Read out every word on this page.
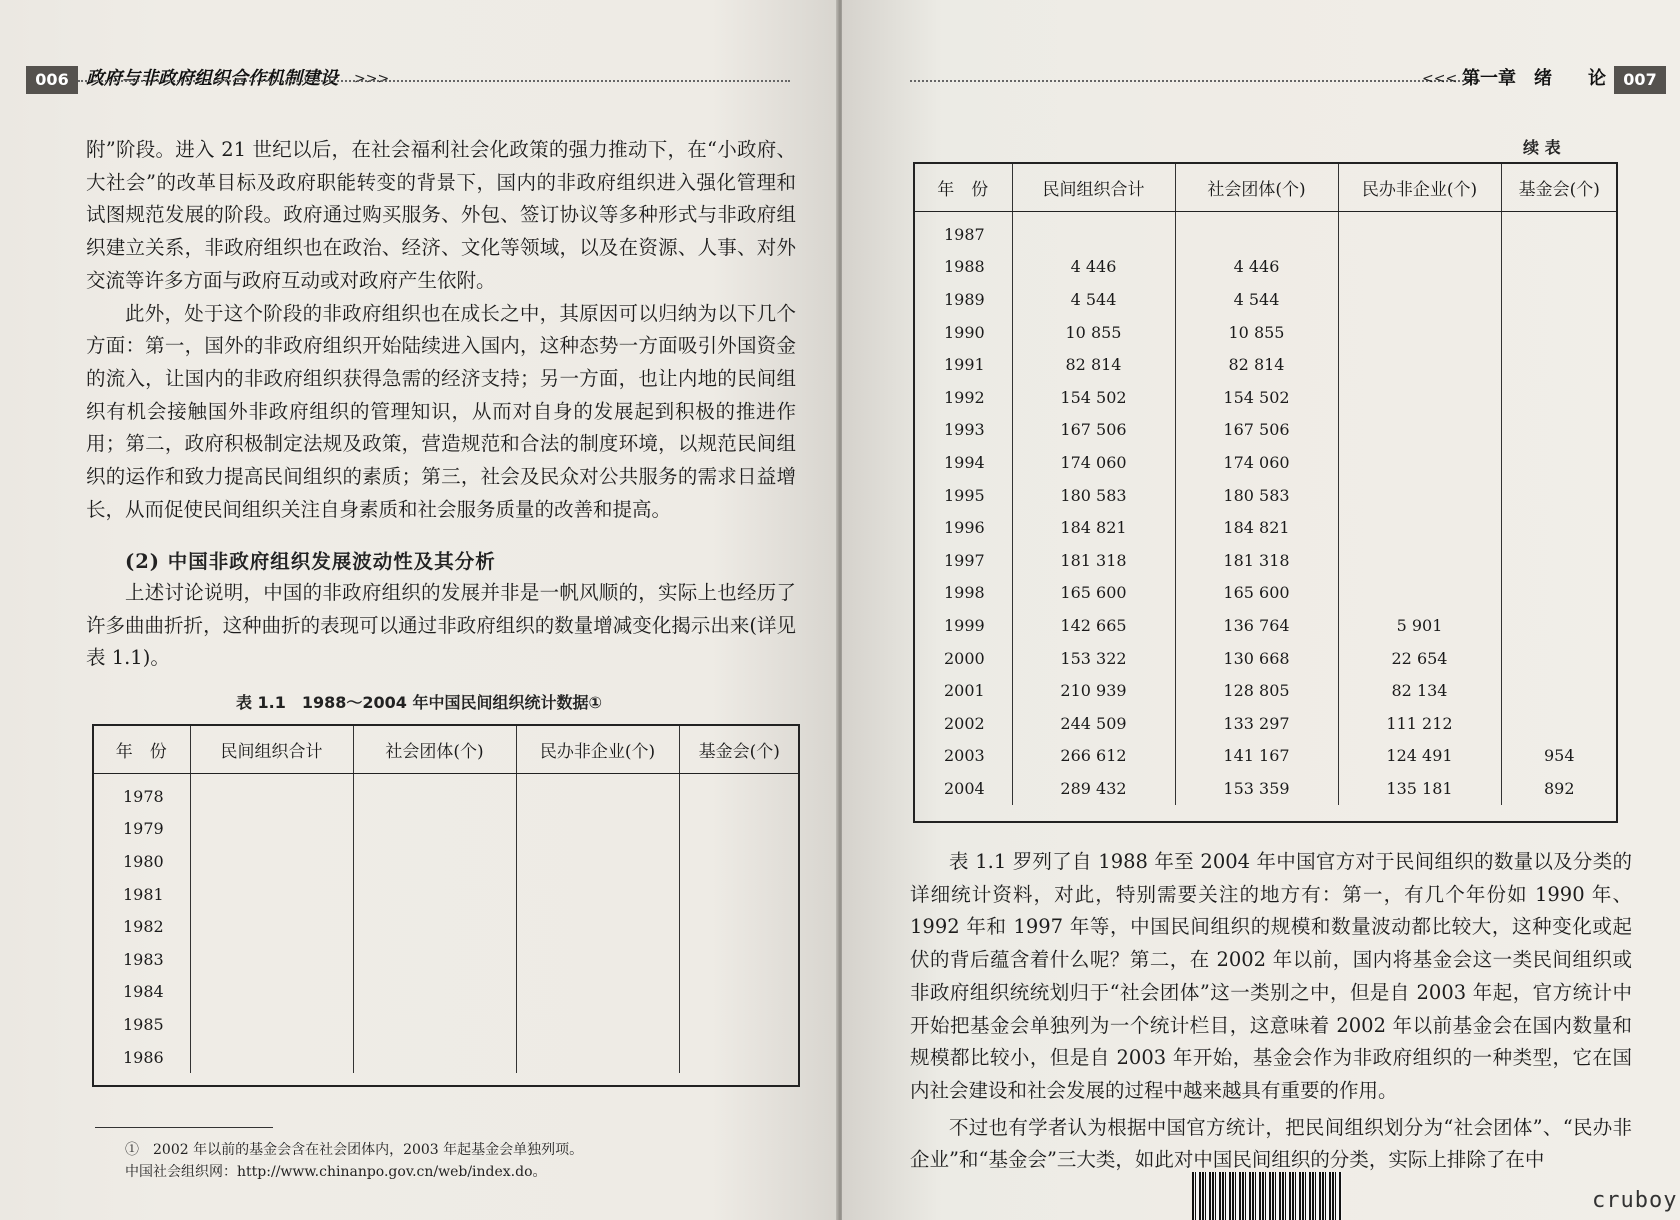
006 政府与非政府组织合作机制建设 >>>

附”阶段。进入 21 世纪以后，在社会福利社会化政策的强力推动下，在“小政府、大社会”的改革目标及政府职能转变的背景下，国内的非政府组织进入强化管理和试图规范发展的阶段。政府通过购买服务、外包、签订协议等多种形式与非政府组织建立关系，非政府组织也在政治、经济、文化等领域，以及在资源、人事、对外交流等许多方面与政府互动或对政府产生依附。

此外，处于这个阶段的非政府组织也在成长之中，其原因可以归纳为以下几个方面：第一，国外的非政府组织开始陆续进入国内，这种态势一方面吸引外国资金的流入，让国内的非政府组织获得急需的经济支持；另一方面，也让内地的民间组织有机会接触国外非政府组织的管理知识，从而对自身的发展起到积极的推进作用；第二，政府积极制定法规及政策，营造规范和合法的制度环境，以规范民间组织的运作和致力提高民间组织的素质；第三，社会及民众对公共服务的需求日益增长，从而促使民间组织关注自身素质和社会服务质量的改善和提高。

(2) 中国非政府组织发展波动性及其分析

上述讨论说明，中国的非政府组织的发展并非是一帆风顺的，实际上也经历了许多曲曲折折，这种曲折的表现可以通过非政府组织的数量增减变化揭示出来(详见表 1.1)。

表 1.1　1988～2004 年中国民间组织统计数据①
年　份	民间组织合计	社会团体(个)	民办非企业(个)	基金会(个)
1978				
1979				
1980				
1981				
1982				
1983				
1984				
1985				
1986				
①　2002 年以前的基金会含在社会团体内，2003 年起基金会单独列项。
中国社会组织网：http://www.chinanpo.gov.cn/web/index.do。
<<< 第一章　绪　　论	007
续 表
年　份	民间组织合计	社会团体(个)	民办非企业(个)	基金会(个)
1987				
1988	4 446	4 446		
1989	4 544	4 544		
1990	10 855	10 855		
1991	82 814	82 814		
1992	154 502	154 502		
1993	167 506	167 506		
1994	174 060	174 060		
1995	180 583	180 583		
1996	184 821	184 821		
1997	181 318	181 318		
1998	165 600	165 600		
1999	142 665	136 764	5 901	
2000	153 322	130 668	22 654	
2001	210 939	128 805	82 134	
2002	244 509	133 297	111 212	
2003	266 612	141 167	124 491	954
2004	289 432	153 359	135 181	892

表 1.1 罗列了自 1988 年至 2004 年中国官方对于民间组织的数量以及分类的详细统计资料，对此，特别需要关注的地方有：第一，有几个年份如 1990 年、1992 年和 1997 年等，中国民间组织的规模和数量波动都比较大，这种变化或起伏的背后蕴含着什么呢？第二，在 2002 年以前，国内将基金会这一类民间组织或非政府组织统统划归于“社会团体”这一类别之中，但是自 2003 年起，官方统计中开始把基金会单独列为一个统计栏目，这意味着 2002 年以前基金会在国内数量和规模都比较小，但是自 2003 年开始，基金会作为非政府组织的一种类型，它在国内社会建设和社会发展的过程中越来越具有重要的作用。

不过也有学者认为根据中国官方统计，把民间组织划分为“社会团体”、“民办非企业”和“基金会”三大类，如此对中国民间组织的分类，实际上排除了在中

cruboy
